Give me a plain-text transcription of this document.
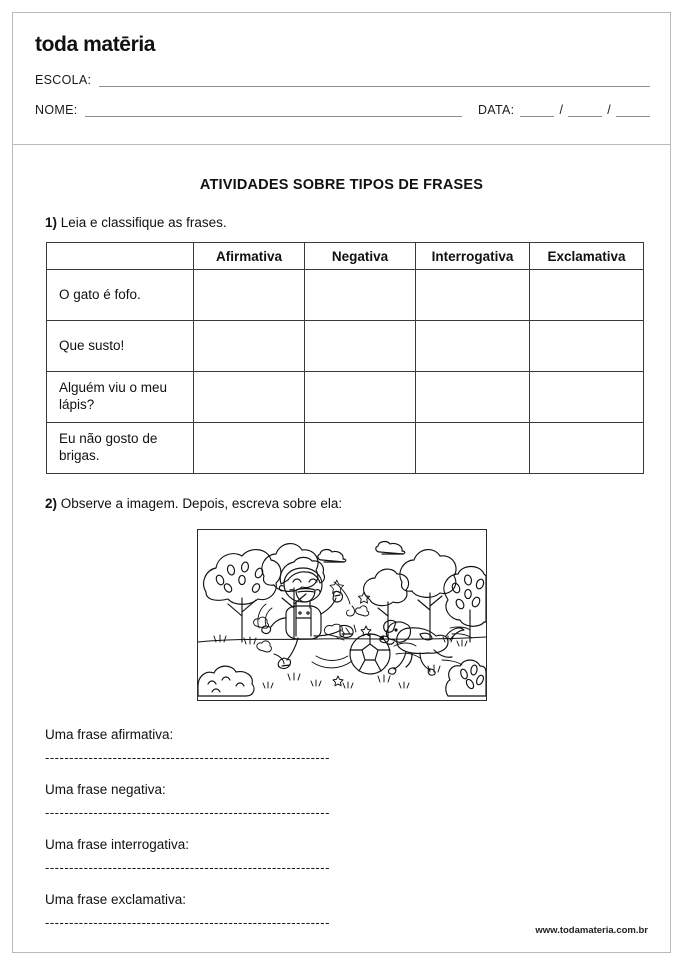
toda matēria
ESCOLA:
NOME:	DATA:	/	/
ATIVIDADES SOBRE TIPOS DE FRASES
1) Leia e classifique as frases.
	Afirmativa	Negativa	Interrogativa	Exclamativa
O gato é fofo.				
Que susto!				
Alguém viu o meu lápis?				
Eu não gosto de brigas.				
2) Observe a imagem. Depois, escreva sobre ela:
Uma frase afirmativa:
-----------------------------------------------------------
Uma frase negativa:
-----------------------------------------------------------
Uma frase interrogativa:
-----------------------------------------------------------
Uma frase exclamativa:
-----------------------------------------------------------
www.todamateria.com.br
